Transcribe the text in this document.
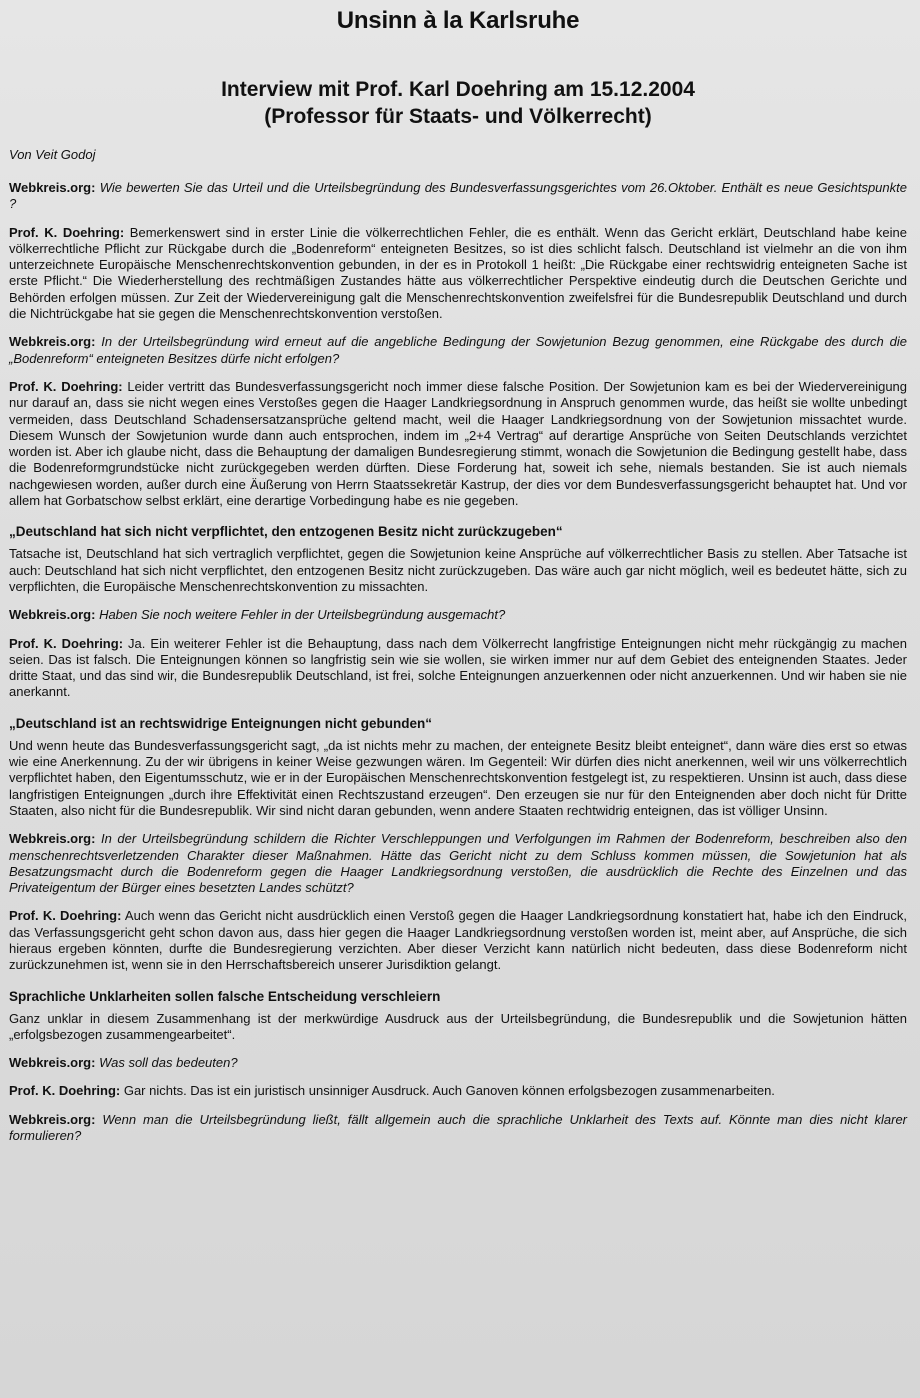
Unsinn à la Karlsruhe
Interview mit Prof. Karl Doehring am 15.12.2004
(Professor für Staats- und Völkerrecht)
Von Veit Godoj

Webkreis.org: Wie bewerten Sie das Urteil und die Urteilsbegründung des Bundesverfassungsgerichtes vom 26.Oktober. Enthält es neue Gesichtspunkte ?

Prof. K. Doehring: Bemerkenswert sind in erster Linie die völkerrechtlichen Fehler, die es enthält. Wenn das Gericht erklärt, Deutschland habe keine völkerrechtliche Pflicht zur Rückgabe durch die „Bodenreform“ enteigneten Besitzes, so ist dies schlicht falsch. Deutschland ist vielmehr an die von ihm unterzeichnete Europäische Menschenrechtskonvention gebunden, in der es in Protokoll 1 heißt: „Die Rückgabe einer rechtswidrig enteigneten Sache ist erste Pflicht.“ Die Wiederherstellung des rechtmäßigen Zustandes hätte aus völkerrechtlicher Perspektive eindeutig durch die Deutschen Gerichte und Behörden erfolgen müssen. Zur Zeit der Wiedervereinigung galt die Menschenrechtskonvention zweifelsfrei für die Bundesrepublik Deutschland und durch die Nichtrückgabe hat sie gegen die Menschenrechtskonvention verstoßen.

Webkreis.org: In der Urteilsbegründung wird erneut auf die angebliche Bedingung der Sowjetunion Bezug genommen, eine Rückgabe des durch die „Bodenreform“ enteigneten Besitzes dürfe nicht erfolgen?

Prof. K. Doehring: Leider vertritt das Bundesverfassungsgericht noch immer diese falsche Position. Der Sowjetunion kam es bei der Wiedervereinigung nur darauf an, dass sie nicht wegen eines Verstoßes gegen die Haager Landkriegsordnung in Anspruch genommen wurde, das heißt sie wollte unbedingt vermeiden, dass Deutschland Schadensersatzansprüche geltend macht, weil die Haager Landkriegsordnung von der Sowjetunion missachtet wurde. Diesem Wunsch der Sowjetunion wurde dann auch entsprochen, indem im „2+4 Vertrag“ auf derartige Ansprüche von Seiten Deutschlands verzichtet worden ist. Aber ich glaube nicht, dass die Behauptung der damaligen Bundesregierung stimmt, wonach die Sowjetunion die Bedingung gestellt habe, dass die Bodenreformgrundstücke nicht zurückgegeben werden dürften. Diese Forderung hat, soweit ich sehe, niemals bestanden. Sie ist auch niemals nachgewiesen worden, außer durch eine Äußerung von Herrn Staatssekretär Kastrup, der dies vor dem Bundesverfassungsgericht behauptet hat. Und vor allem hat Gorbatschow selbst erklärt, eine derartige Vorbedingung habe es nie gegeben.

„Deutschland hat sich nicht verpflichtet, den entzogenen Besitz nicht zurückzugeben“

Tatsache ist, Deutschland hat sich vertraglich verpflichtet, gegen die Sowjetunion keine Ansprüche auf völkerrechtlicher Basis zu stellen. Aber Tatsache ist auch: Deutschland hat sich nicht verpflichtet, den entzogenen Besitz nicht zurückzugeben. Das wäre auch gar nicht möglich, weil es bedeutet hätte, sich zu verpflichten, die Europäische Menschenrechtskonvention zu missachten.

Webkreis.org: Haben Sie noch weitere Fehler in der Urteilsbegründung ausgemacht?

Prof. K. Doehring: Ja. Ein weiterer Fehler ist die Behauptung, dass nach dem Völkerrecht langfristige Enteignungen nicht mehr rückgängig zu machen seien. Das ist falsch. Die Enteignungen können so langfristig sein wie sie wollen, sie wirken immer nur auf dem Gebiet des enteignenden Staates. Jeder dritte Staat, und das sind wir, die Bundesrepublik Deutschland, ist frei, solche Enteignungen anzuerkennen oder nicht anzuerkennen. Und wir haben sie nie anerkannt.

„Deutschland ist an rechtswidrige Enteignungen nicht gebunden“

Und wenn heute das Bundesverfassungsgericht sagt, „da ist nichts mehr zu machen, der enteignete Besitz bleibt enteignet“, dann wäre dies erst so etwas wie eine Anerkennung. Zu der wir übrigens in keiner Weise gezwungen wären. Im Gegenteil: Wir dürfen dies nicht anerkennen, weil wir uns völkerrechtlich verpflichtet haben, den Eigentumsschutz, wie er in der Europäischen Menschenrechtskonvention festgelegt ist, zu respektieren. Unsinn ist auch, dass diese langfristigen Enteignungen „durch ihre Effektivität einen Rechtszustand erzeugen“. Den erzeugen sie nur für den Enteignenden aber doch nicht für Dritte Staaten, also nicht für die Bundesrepublik. Wir sind nicht daran gebunden, wenn andere Staaten rechtwidrig enteignen, das ist völliger Unsinn.

Webkreis.org: In der Urteilsbegründung schildern die Richter Verschleppungen und Verfolgungen im Rahmen der Bodenreform, beschreiben also den menschenrechtsverletzenden Charakter dieser Maßnahmen. Hätte das Gericht nicht zu dem Schluss kommen müssen, die Sowjetunion hat als Besatzungsmacht durch die Bodenreform gegen die Haager Landkriegsordnung verstoßen, die ausdrücklich die Rechte des Einzelnen und das Privateigentum der Bürger eines besetzten Landes schützt?

Prof. K. Doehring: Auch wenn das Gericht nicht ausdrücklich einen Verstoß gegen die Haager Landkriegsordnung konstatiert hat, habe ich den Eindruck, das Verfassungsgericht geht schon davon aus, dass hier gegen die Haager Landkriegsordnung verstoßen worden ist, meint aber, auf Ansprüche, die sich hieraus ergeben könnten, durfte die Bundesregierung verzichten. Aber dieser Verzicht kann natürlich nicht bedeuten, dass diese Bodenreform nicht zurückzunehmen ist, wenn sie in den Herrschaftsbereich unserer Jurisdiktion gelangt.

Sprachliche Unklarheiten sollen falsche Entscheidung verschleiern

Ganz unklar in diesem Zusammenhang ist der merkwürdige Ausdruck aus der Urteilsbegründung, die Bundesrepublik und die Sowjetunion hätten „erfolgsbezogen zusammengearbeitet“.

Webkreis.org: Was soll das bedeuten?

Prof. K. Doehring: Gar nichts. Das ist ein juristisch unsinniger Ausdruck. Auch Ganoven können erfolgsbezogen zusammenarbeiten.

Webkreis.org: Wenn man die Urteilsbegründung ließt, fällt allgemein auch die sprachliche Unklarheit des Texts auf. Könnte man dies nicht klarer formulieren?
